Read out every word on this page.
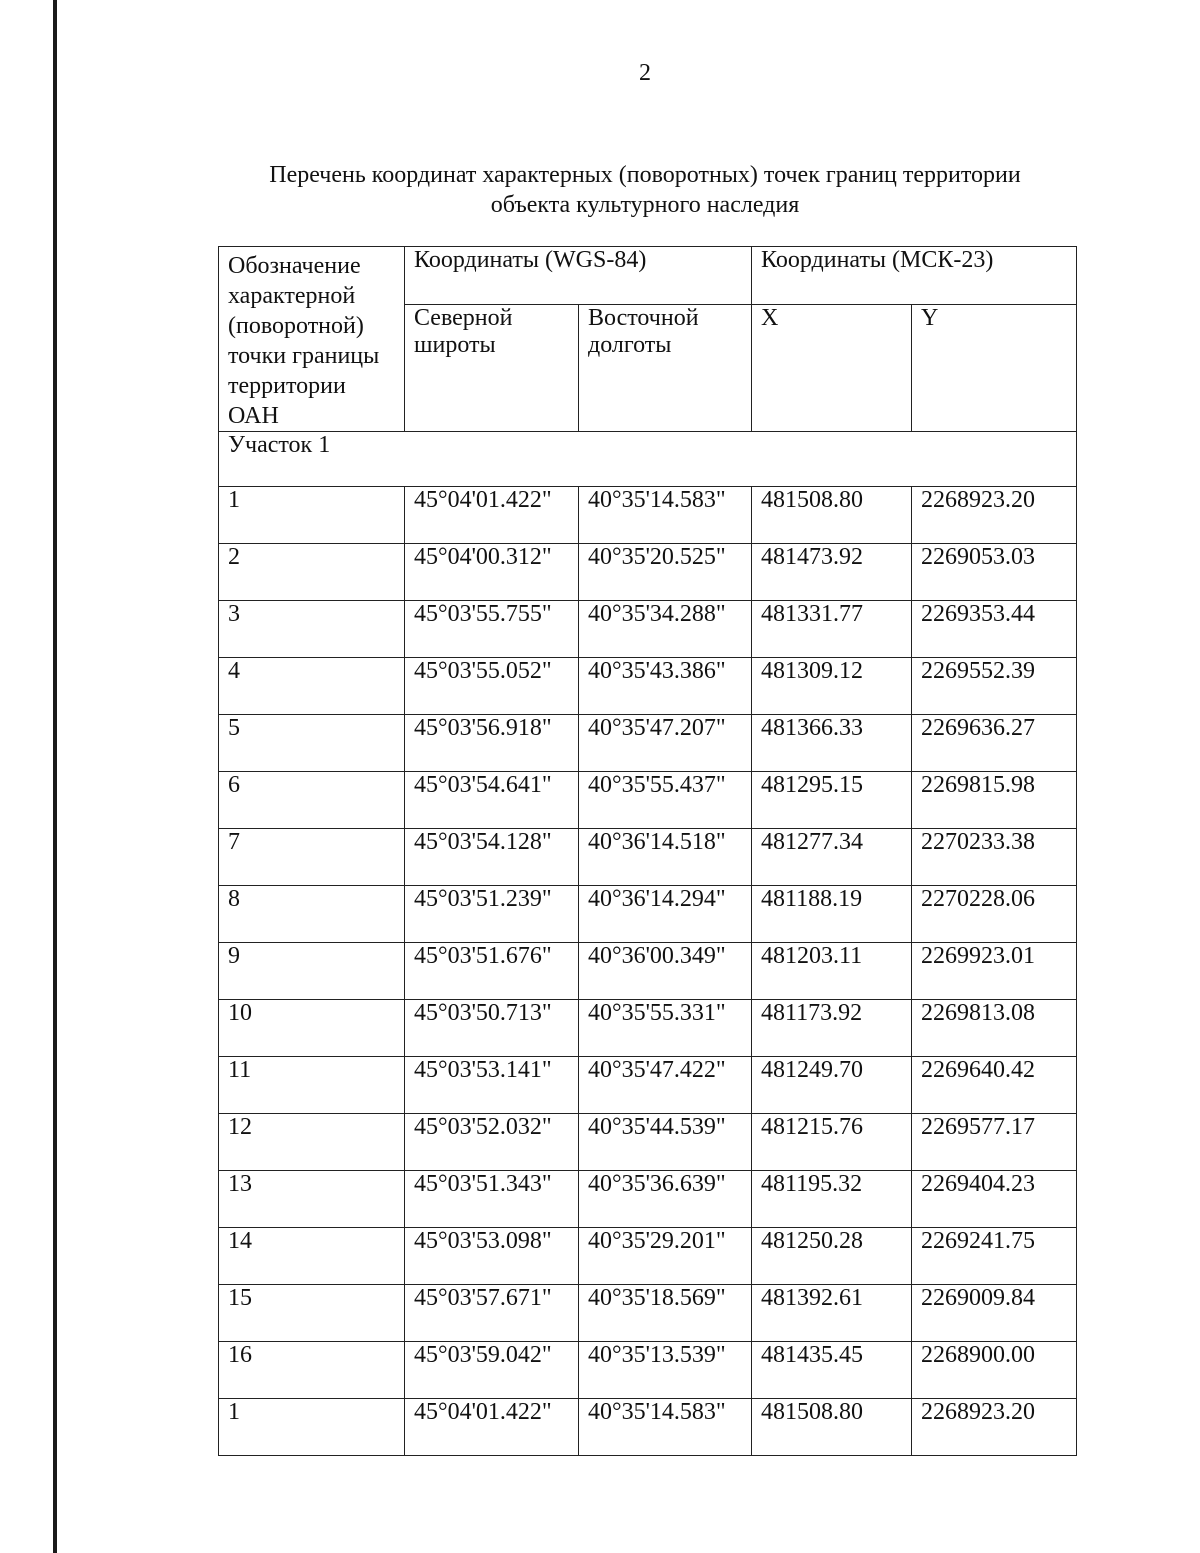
2
Перечень координат характерных (поворотных) точек границ территории
объекта культурного наследия
Обозначение характерной (поворотной) точки границы территории ОАН	Координаты (WGS-84)		Координаты (МСК-23)	
	Северной широты	Восточной долготы	X	Y
Участок 1				
1	45°04'01.422"	40°35'14.583"	481508.80	2268923.20
2	45°04'00.312"	40°35'20.525"	481473.92	2269053.03
3	45°03'55.755"	40°35'34.288"	481331.77	2269353.44
4	45°03'55.052"	40°35'43.386"	481309.12	2269552.39
5	45°03'56.918"	40°35'47.207"	481366.33	2269636.27
6	45°03'54.641"	40°35'55.437"	481295.15	2269815.98
7	45°03'54.128"	40°36'14.518"	481277.34	2270233.38
8	45°03'51.239"	40°36'14.294"	481188.19	2270228.06
9	45°03'51.676"	40°36'00.349"	481203.11	2269923.01
10	45°03'50.713"	40°35'55.331"	481173.92	2269813.08
11	45°03'53.141"	40°35'47.422"	481249.70	2269640.42
12	45°03'52.032"	40°35'44.539"	481215.76	2269577.17
13	45°03'51.343"	40°35'36.639"	481195.32	2269404.23
14	45°03'53.098"	40°35'29.201"	481250.28	2269241.75
15	45°03'57.671"	40°35'18.569"	481392.61	2269009.84
16	45°03'59.042"	40°35'13.539"	481435.45	2268900.00
1	45°04'01.422"	40°35'14.583"	481508.80	2268923.20
